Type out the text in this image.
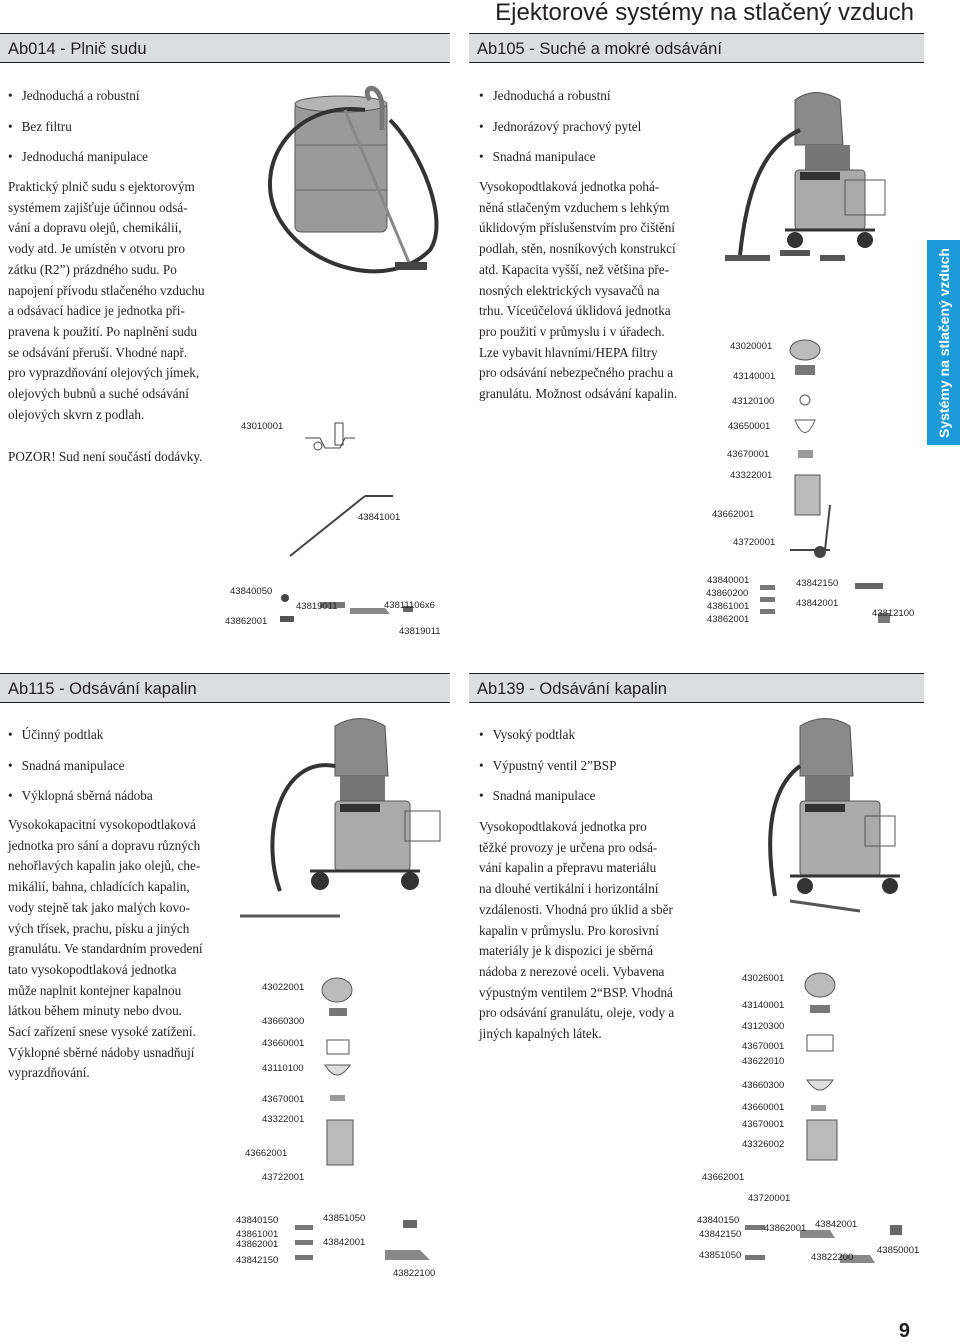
Ejektorové systémy na stlačený vzduch
Systémy na stlačený vzduch
Ab014 - Plnič sudu	Ab105 - Suché a mokré odsávání
Ab115 - Odsávání kapalin	Ab139 - Odsávání kapalin
• Jednoduchá a robustní
• Bez filtru
• Jednoduchá manipulace
Praktický plnič sudu s ejektorovým
systémem zajišťuje účinnou odsá-
vání a dopravu olejů, chemikálií,
vody atd. Je umístěn v otvoru pro
zátku (R2”) prázdného sudu. Po
napojení přívodu stlačeného vzduchu
a odsávací hadice je jednotka při-
pravena k použití. Po naplnění sudu
se odsávání přeruší. Vhodné např.
pro vyprazdňování olejových jímek,
olejových bubnů a suché odsávání
olejových skvrn z podlah.
POZOR! Sud není součástí dodávky.
• Jednoduchá a robustní
• Jednorázový prachový pytel
• Snadná manipulace
Vysokopodtlaková jednotka pohá-
něná stlačeným vzduchem s lehkým
úklidovým příslušenstvím pro čištění
podlah, stěn, nosníkových konstrukcí
atd. Kapacita vyšší, než většina pře-
nosných elektrických vysavačů na
trhu. Víceúčelová úklidová jednotka
pro použití v průmyslu i v úřadech.
Lze vybavit hlavními/HEPA filtry
pro odsávání nebezpečného prachu a
granulátu. Možnost odsávání kapalin.
• Účinný podtlak
• Snadná manipulace
• Výklopná sběrná nádoba
Vysokokapacitní vysokopodtlaková
jednotka pro sání a dopravu různých
nehořlavých kapalin jako olejů, che-
mikálií, bahna, chladících kapalin,
vody stejně tak jako malých kovo-
vých třísek, prachu, písku a jiných
granulátu. Ve standardním provedení
tato vysokopodtlaková jednotka
může naplnit kontejner kapalnou
látkou během minuty nebo dvou.
Sací zařízení snese vysoké zatížení.
Výklopné sběrné nádoby usnadňují
vyprazdňování.
• Vysoký podtlak
• Výpustný ventil 2”BSP
• Snadná manipulace
Vysokopodtlaková jednotka pro
těžké provozy je určena pro odsá-
vání kapalin a přepravu materiálu
na dlouhé vertikální i horizontální
vzdálenosti. Vhodná pro úklid a sběr
kapalin v průmyslu. Pro korosivní
materiály je k dispozici je sběrná
nádoba z nerezové oceli. Vybavena
výpustným ventilem 2“BSP. Vhodná
pro odsávání granulátu, oleje, vody a
jiných kapalných látek.
43010001
43841001
43840050
43862001
43819011	43811106x6
43819011
43020001
43140001
43120100
43650001
43670001
43322001
43662001
43720001
43840001
43860200
43861001
43862001
43842150
43842001
43812100
43022001
43660300
43660001
43110100
43670001
43322001
43662001
43722001
43840150
43861001
43862001
43842150
43851050
43842001
43822100
43026001
43140001
43120300
43670001
43622010
43660300
43660001
43670001
43326002
43662001
43720001
43840150
43842150
43851050
43862001 43842001
43822200
43850001
9
